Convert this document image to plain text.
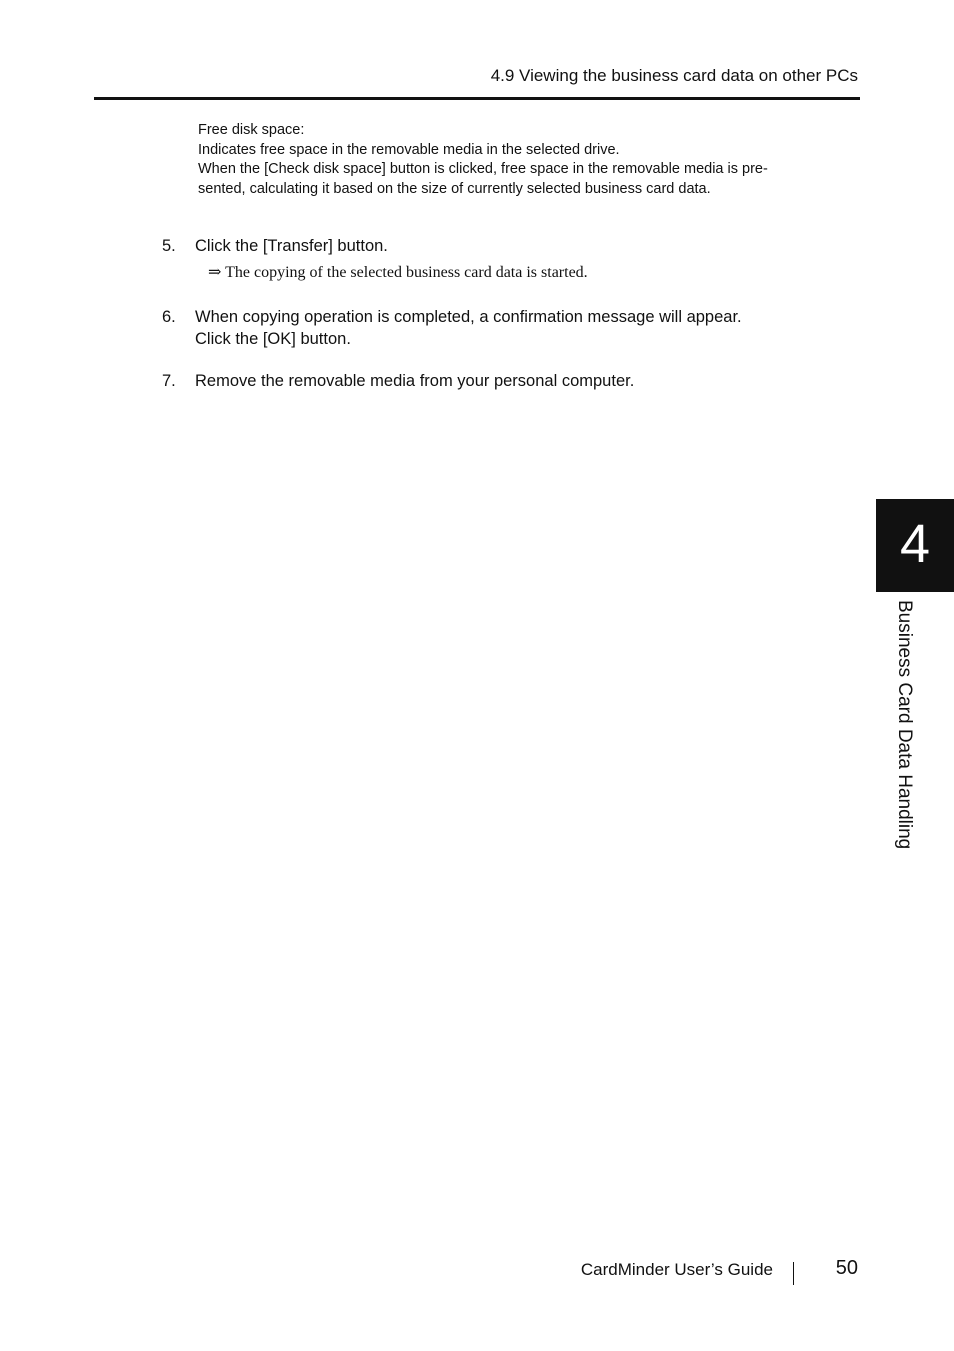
4.9 Viewing the business card data on other PCs
Free disk space:
Indicates free space in the removable media in the selected drive.
When the [Check disk space] button is clicked, free space in the removable media is pre-
sented, calculating it based on the size of currently selected business card data.
5.	Click the [Transfer] button.
⇒ The copying of the selected business card data is started.
6.	When copying operation is completed, a confirmation message will appear.
Click the [OK] button.
7.	Remove the removable media from your personal computer.
4
Business Card Data Handling
CardMinder User’s Guide	50
